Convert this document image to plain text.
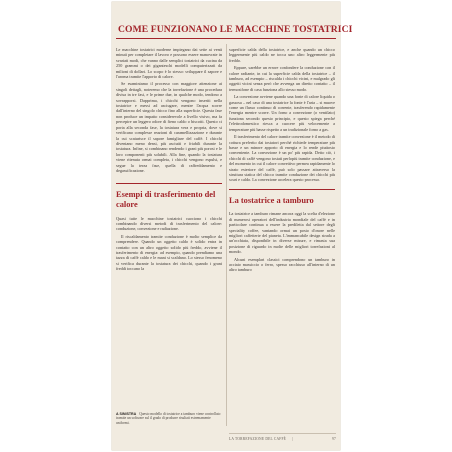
COME FUNZIONANO LE MACCHINE TOSTATRICI

Le macchine tostatrici moderne impiegano dai sette ai venti minuti per completare il lavoro e possono essere manovrate in svariati modi, che vanno dalle semplici tostatrici da cucina da 250 grammi o dei giganteschi modelli computerizzati da milioni di dollari. Lo scopo è lo stesso: sviluppare il sapore e l'aroma tramite l'apporto di calore.

Se esaminiamo il processo con maggiore attenzione ai singoli dettagli, noteremo che la torrefazione è una procedura divisa in tre fasi, e le prime due, in qualche modo, tendono a sovrapporsi. Dapprima, i chicchi vengono inseriti nella tostatrice e messi ad asciugare, mentre l'acqua scorre dall'interno del singolo chicco fino alla superficie. Questa fase non produce un impatto considerevole a livello visivo, ma fa percepire un leggero odore di fieno caldo o biscotti. Questo ci porta alla seconda fase, la tostatura vera e propria, dove si verificano complesse reazioni di caramellizzazione e durante la cui scaturisce il sapore famigliare del caffè. I chicchi diventano meno densi, più asciutti e friabili durante la tostatura. Infine, si combinano rendendo i grani più porosi e le loro componenti più solubili. Alla fine, quando la tostatura viene ritenuta ormai completa, i chicchi vengono espulsi, e segue la terza fase, quella di raffreddamento e degassificazione.

Esempi di trasferimento del calore

Quasi tutte le macchine tostatrici cuociono i chicchi combinando diversi metodi di trasferimento del calore: conduzione, convezione e radiazione.

Il riscaldamento tramite conduzione è molto semplice da comprendere. Quando un oggetto caldo è solido entra in contatto con un altro oggetto solido più freddo, avviene il trasferimento di energia: ad esempio, quando prendiamo una tazza di caffè caldo e le mani si scaldano. Lo stesso fenomeno si verifica durante la tostatura dei chicchi, quando i grani freddi toccano la

superficie calda della tostatrice, e anche quando un chicco leggermente più caldo ne tocca uno altro leggermente più freddo.

Eppure, sarebbe un errore confondere la conduzione con il calore radiante, in cui la superficie calda della tostatrice – il tamburo, ad esempio – riscalda i chicchi vicini, e malgrado gli oggetti vicini senza però che avvenga un diretto contatto – il termosifone di casa funziona allo stesso modo.

La convezione avviene quando una fonte di calore liquida o gassosa – nel caso di una tostatrice la fonte è l'aria – si muove come un flusso continuo di corrente, trasferendo rapidamente l'energia mentre scorre. Un forno a convezione (o ventilato) funziona secondo questo principio, e questo spiega perché l'elettrodomestico riesca a cuocere più velocemente a temperature più basse rispetto a un tradizionale forno a gas.

Il trasferimento del calore tramite convezione è il metodo di cottura preferito dai tostatori perché richiede temperature più basse e un minore apporto di energia e lo rende piuttosto conveniente. La convezione è un po' più rapida. Detto ciò, i chicchi di caffè vengono tostati perlopiù tramite conduzione, e del momento in cui il calore convettivo permea rapidamente lo strato esteriore del caffè, può solo passare attraverso la struttura statica del chicco tramite conduzione dei chicchi più scuri e caldo. La convezione accelera questo processo.

La tostatrice a tamburo

La tostatrice a tamburo rimane ancora oggi la scelta d'elezione di numerosi operatori dell'industria mondiale del caffè e in particolare continua a essere la prediletta dal settore degli speciality coffee, vantando ormai un posto d'onore nelle migliori caffetterie del pianeta. L'immancabile design strada a un'occhiata, disponibile in diverse misure, e rimasta sua posizione di riguardo in molte delle migliori torrefazioni al mondo.

Alcuni esemplari classici comprendono un tamburo in acciaio massiccio o ferro, spesso racchiuso all'interno di un altro tamburo

A SINISTRA Questo modello di tostatrice a tamburo viene controllato tramite un software sul il grado di produrre risultati estremamente uniformi.
LA TORREFAZIONE DEL CAFFÈ |	97
